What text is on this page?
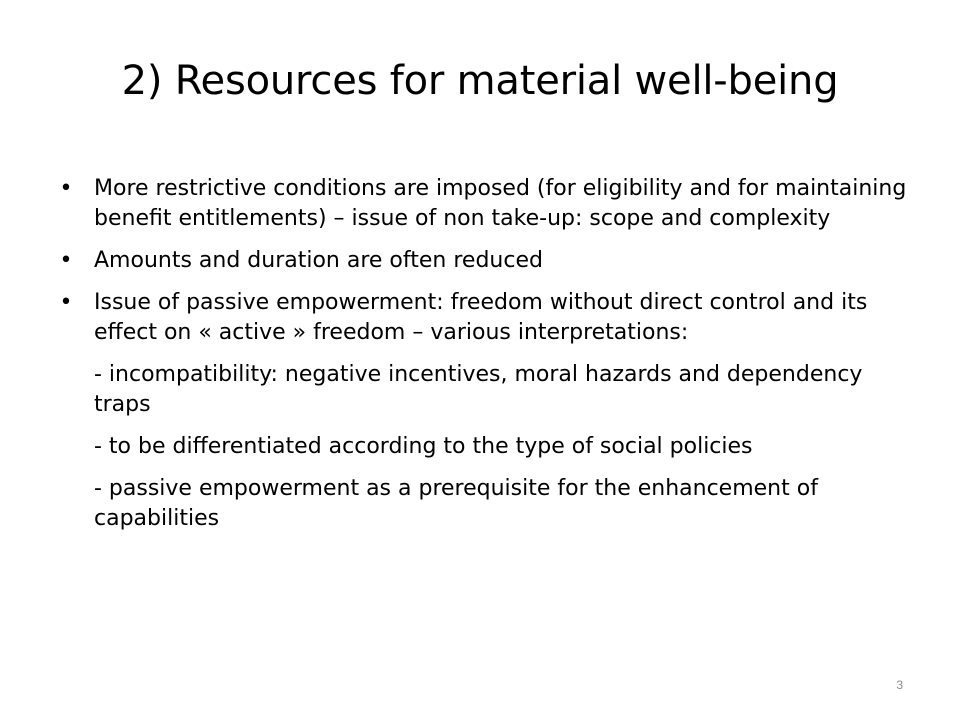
2) Resources for material well-being
• More restrictive conditions are imposed (for eligibility and for maintaining benefit entitlements) – issue of non take-up: scope and complexity
• Amounts and duration are often reduced
• Issue of passive empowerment: freedom without direct control and its effect on « active » freedom – various interpretations:
- incompatibility: negative incentives, moral hazards and dependency traps
- to be differentiated according to the type of social policies
- passive empowerment as a prerequisite for the enhancement of capabilities
3
